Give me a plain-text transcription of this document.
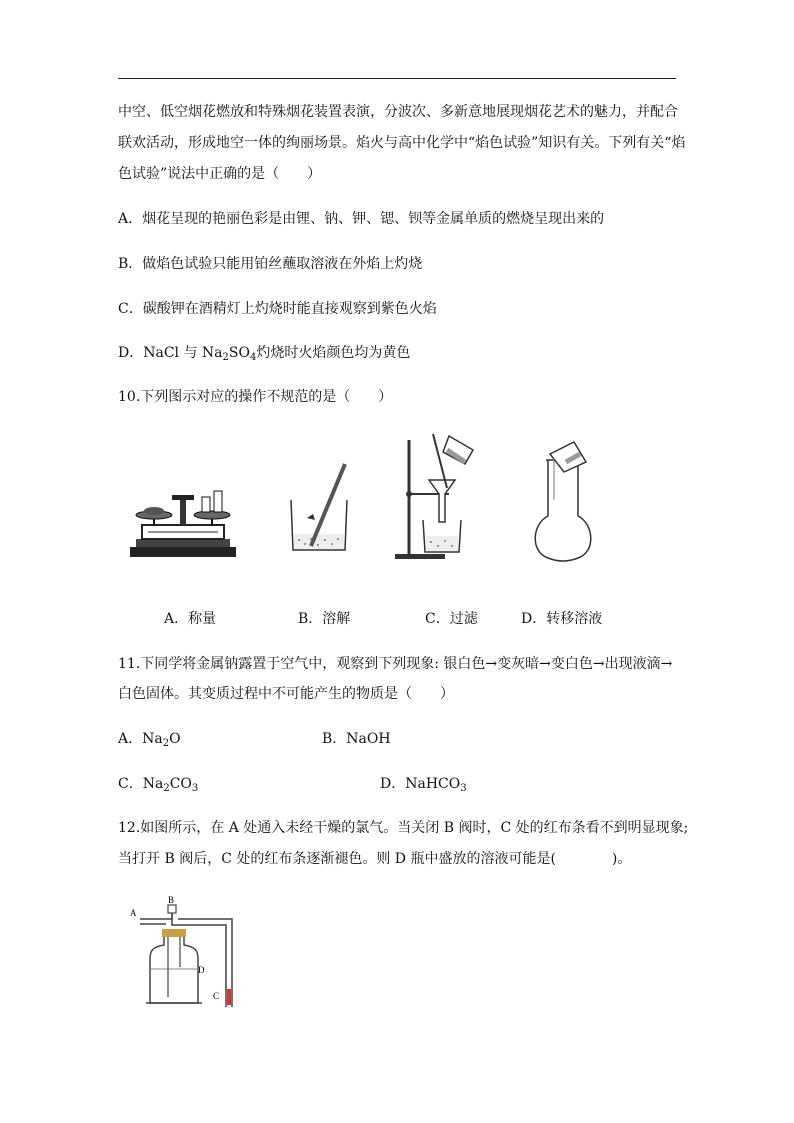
中空、低空烟花燃放和特殊烟花装置表演，分波次、多新意地展现烟花艺术的魅力，并配合
联欢活动，形成地空一体的绚丽场景。焰火与高中化学中“焰色试验”知识有关。下列有关“焰
色试验”说法中正确的是（　　）
A．烟花呈现的艳丽色彩是由锂、钠、钾、锶、钡等金属单质的燃烧呈现出来的
B．做焰色试验只能用铂丝蘸取溶液在外焰上灼烧
C．碳酸钾在酒精灯上灼烧时能直接观察到紫色火焰
D．NaCl 与 $Na_2SO_4$灼烧时火焰颜色均为黄色
10.下列图示对应的操作不规范的是（　　）
A．称量	B．溶解	C．过滤	D．转移溶液
11.下同学将金属钠露置于空气中，观察到下列现象: 银白色→变灰暗→变白色→出现液滴→
白色固体。其变质过程中不可能产生的物质是（　　）
A．$Na_2O$	B．NaOH
C．$Na_2CO_3$	D．NaHCO$_3$
12.如图所示，在 A 处通入未经干燥的氯气。当关闭 B 阀时，C 处的红布条看不到明显现象;
当打开 B 阀后，C 处的红布条逐渐褪色。则 D 瓶中盛放的溶液可能是(　　　　)。
A
B
D
C
